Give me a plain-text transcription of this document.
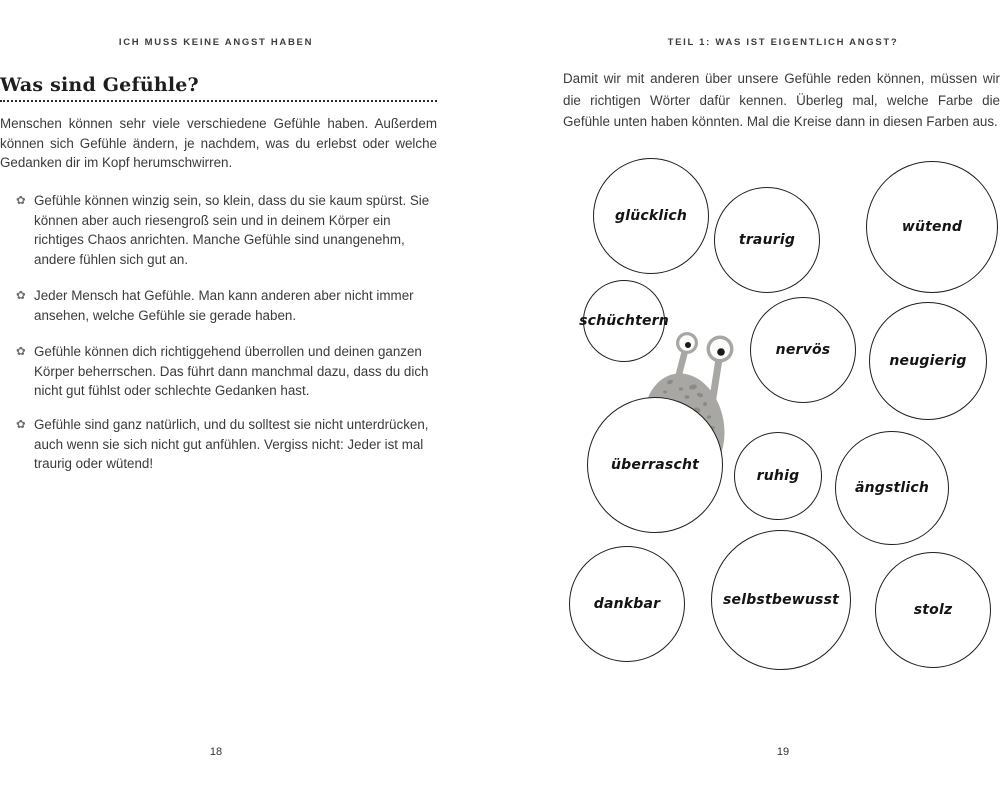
ICH MUSS KEINE ANGST HABEN	TEIL 1: WAS IST EIGENTLICH ANGST?
Was sind Gefühle?

Menschen können sehr viele verschiedene Gefühle haben. Außerdem können sich Gefühle ändern, je nachdem, was du erlebst oder welche Gedanken dir im Kopf herumschwirren.

✿ Gefühle können winzig sein, so klein, dass du sie kaum spürst. Sie können aber auch riesengroß sein und in deinem Körper ein richtiges Chaos anrichten. Manche Gefühle sind unangenehm, andere fühlen sich gut an.
✿ Jeder Mensch hat Gefühle. Man kann anderen aber nicht immer ansehen, welche Gefühle sie gerade haben.
✿ Gefühle können dich richtiggehend überrollen und deinen ganzen Körper beherrschen. Das führt dann manchmal dazu, dass du dich nicht gut fühlst oder schlechte Gedanken hast.
✿ Gefühle sind ganz natürlich, und du solltest sie nicht unterdrücken, auch wenn sie sich nicht gut anfühlen. Vergiss nicht: Jeder ist mal traurig oder wütend!
18

Damit wir mit anderen über unsere Gefühle reden können, müssen wir die richtigen Wörter dafür kennen. Überleg mal, welche Farbe die Gefühle unten haben könnten. Mal die Kreise dann in diesen Farben aus.

glücklich
traurig
wütend
schüchtern
nervös
neugierig
überrascht
ruhig
ängstlich
dankbar	selbstbewusst
stolz
19
